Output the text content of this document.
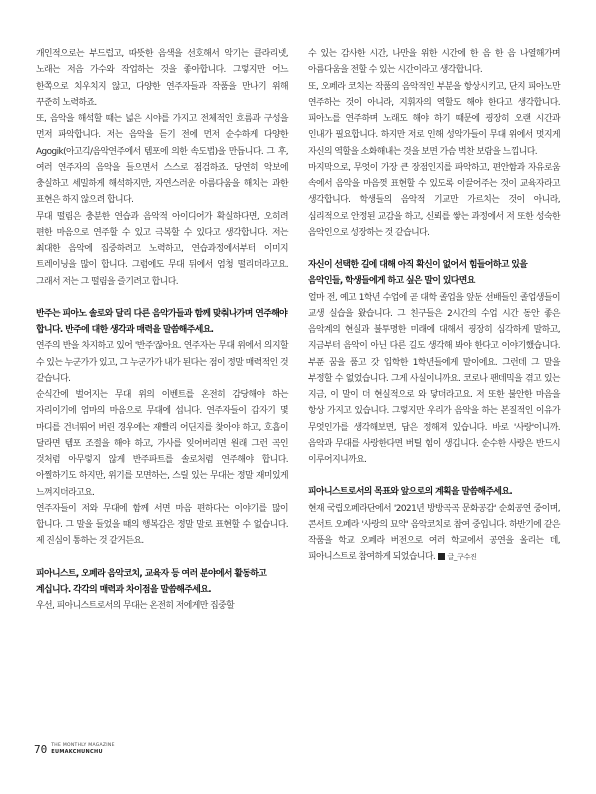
개인적으로는 부드럽고, 따뜻한 음색을 선호해서 악기는 클라리넷, 노래는 저음 가수와 작업하는 것을 좋아합니다. 그렇지만 어느 한쪽으로 치우치지 않고, 다양한 연주자들과 작품을 만나기 위해 꾸준히 노력하죠.

또, 음악을 해석할 때는 넓은 시야를 가지고 전체적인 흐름과 구성을 먼저 파악합니다. 저는 음악을 듣기 전에 먼저 순수하게 다양한 Agogik(아고긱/음악연주에서 템포에 의한 속도법)을 만듭니다. 그 후, 여러 연주자의 음악을 들으면서 스스로 점검하죠. 당연히 악보에 충실하고 세밀하게 해석하지만, 자연스러운 아름다움을 해치는 과한 표현은 하지 않으려 합니다.

무대 떨림은 충분한 연습과 음악적 아이디어가 확실하다면, 오히려 편한 마음으로 연주할 수 있고 극복할 수 있다고 생각합니다. 저는 최대한 음악에 집중하려고 노력하고, 연습과정에서부터 이미지 트레이닝을 많이 합니다. 그럼에도 무대 뒤에서 엄청 떨리더라고요. 그래서 저는 그 떨림을 즐기려고 합니다.

반주는 피아노 솔로와 달리 다른 음악가들과 함께 맞춰나가며 연주해야 합니다. 반주에 대한 생각과 매력을 말씀해주세요.

연주의 반을 차지하고 있어 '반주'잖아요. 연주자는 무대 위에서 의지할 수 있는 누군가가 있고, 그 누군가가 내가 된다는 점이 정말 매력적인 것 같습니다.

순식간에 벌어지는 무대 위의 이벤트를 온전히 감당해야 하는 자리이기에 엄마의 마음으로 무대에 섭니다. 연주자들이 갑자기 몇 마디를 건너뛰어 버린 경우에는 재빨리 어딘지를 찾아야 하고, 호흡이 달라면 템포 조절을 해야 하고, 가사를 잊어버리면 원래 그런 곡인 것처럼 아무렇지 않게 반주파트를 솔로처럼 연주해야 합니다. 아찔하기도 하지만, 위기를 모면하는, 스릴 있는 무대는 정말 재미있게 느껴지더라고요.

연주자들이 저와 무대에 함께 서면 마음 편하다는 이야기를 많이 합니다. 그 말을 들었을 때의 행복감은 정말 말로 표현할 수 없습니다. 제 진심이 통하는 것 같거든요.

피아니스트, 오페라 음악코치, 교육자 등 여러 분야에서 활동하고 계십니다. 각각의 매력과 차이점을 말씀해주세요.

우선, 피아니스트로서의 무대는 온전히 저에게만 집중할

수 있는 감사한 시간, 나만을 위한 시간에 한 음 한 음 나열해가며 아름다움을 전할 수 있는 시간이라고 생각합니다.

또, 오페라 코치는 작품의 음악적인 부분을 항상시키고, 단지 피아노만 연주하는 것이 아니라, 지휘자의 역할도 해야 한다고 생각합니다. 피아노를 연주하며 노래도 해야 하기 때문에 굉장히 오랜 시간과 인내가 필요합니다. 하지만 저로 인해 성악가들이 무대 위에서 멋지게 자신의 역할을 소화해내는 것을 보면 가슴 벅찬 보람을 느낍니다.

마지막으로, 무엇이 가장 큰 장점인지를 파악하고, 편안함과 자유로움 속에서 음악을 마음껏 표현할 수 있도록 이끌어주는 것이 교육자라고 생각합니다. 학생들의 음악적 기교만 가르치는 것이 아니라, 심리적으로 안정된 교감을 하고, 신뢰를 쌓는 과정에서 저 또한 성숙한 음악인으로 성장하는 것 같습니다.

자신이 선택한 길에 대해 아직 확신이 없어서 힘들어하고 있을 음악인들, 학생들에게 하고 싶은 말이 있다면요

얼마 전, 예고 1학년 수업에 곧 대학 졸업을 앞둔 선배들인 졸업생들이 교생 실습을 왔습니다. 그 친구들은 2시간의 수업 시간 동안 좋은 음악계의 현실과 불투명한 미래에 대해서 굉장히 심각하게 말하고, 지금부터 음악이 아닌 다른 길도 생각해 봐야 한다고 이야기했습니다. 부푼 꿈을 품고 갓 입학한 1학년들에게 말이에요. 그런데 그 말을 부정할 수 없었습니다. 그게 사실이니까요. 코로나 팬데믹을 겪고 있는 지금, 이 말이 더 현실적으로 와 닿더라고요. 저 또한 불안한 마음을 항상 가지고 있습니다. 그렇지만 우리가 음악을 하는 본질적인 이유가 무엇인가를 생각해보면, 답은 정해져 있습니다. 바로 '사랑'이니까. 음악과 무대를 사랑한다면 버틸 힘이 생깁니다. 순수한 사랑은 반드시 이루어지니까요.

피아니스트로서의 목표와 앞으로의 계획을 말씀해주세요.

현재 국립오페라단에서 '2021년 방방곡곡 문화공감' 순회공연 중이며, 콘서트 오페라 '사랑의 묘약' 음악코치로 참여 중입니다. 하반기에 같은 작품을 학교 오페라 버전으로 여러 학교에서 공연을 올리는 데, 피아니스트로 참여하게 되었습니다. 글_구수진

70 THE MONTHLY MAGAZINE
EUMAKCHUNCHU
